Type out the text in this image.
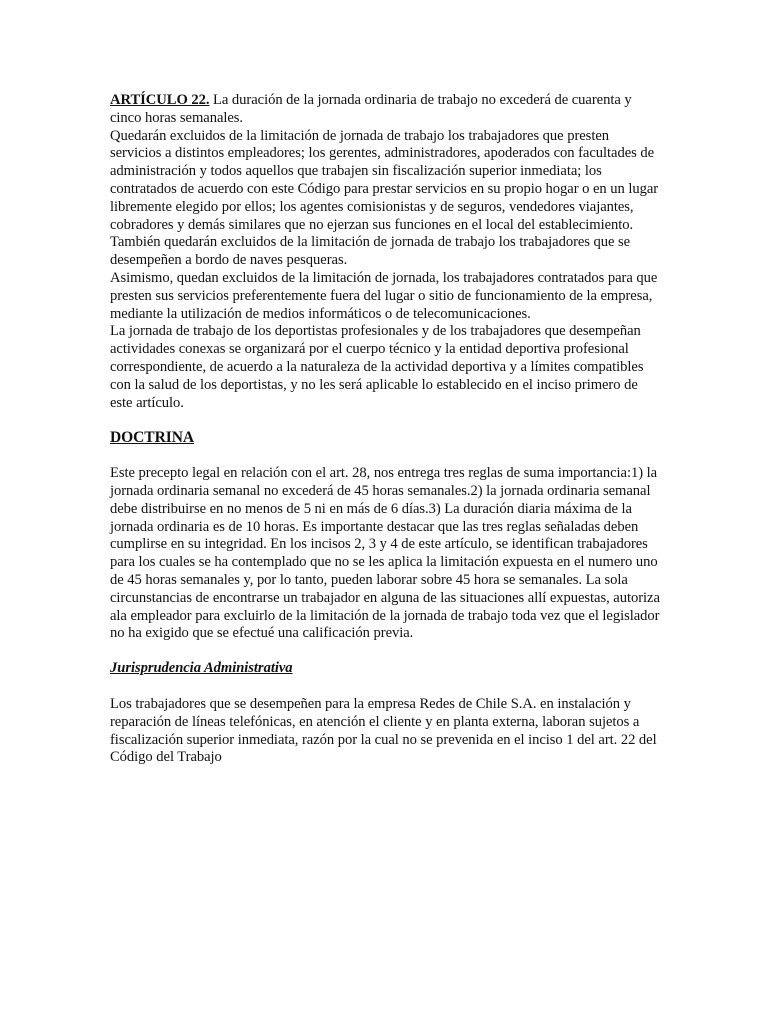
ARTÍCULO 22. La duración de la jornada ordinaria de trabajo no excederá de cuarenta y cinco horas semanales.

Quedarán excluidos de la limitación de jornada de trabajo los trabajadores que presten servicios a distintos empleadores; los gerentes, administradores, apoderados con facultades de administración y todos aquellos que trabajen sin fiscalización superior inmediata; los contratados de acuerdo con este Código para prestar servicios en su propio hogar o en un lugar libremente elegido por ellos; los agentes comisionistas y de seguros, vendedores viajantes, cobradores y demás similares que no ejerzan sus funciones en el local del establecimiento.

También quedarán excluidos de la limitación de jornada de trabajo los trabajadores que se desempeñen a bordo de naves pesqueras.

Asimismo, quedan excluidos de la limitación de jornada, los trabajadores contratados para que presten sus servicios preferentemente fuera del lugar o sitio de funcionamiento de la empresa, mediante la utilización de medios informáticos o de telecomunicaciones.

La jornada de trabajo de los deportistas profesionales y de los trabajadores que desempeñan actividades conexas se organizará por el cuerpo técnico y la entidad deportiva profesional correspondiente, de acuerdo a la naturaleza de la actividad deportiva y a límites compatibles con la salud de los deportistas, y no les será aplicable lo establecido en el inciso primero de este artículo.

DOCTRINA

Este precepto legal en relación con el art. 28, nos entrega tres reglas de suma importancia:1) la jornada ordinaria semanal no excederá de 45 horas semanales.2) la jornada ordinaria semanal debe distribuirse en no menos de 5 ni en más de 6 días.3) La duración diaria máxima de la jornada ordinaria es de 10 horas. Es importante destacar que las tres reglas señaladas deben cumplirse en su integridad. En los incisos 2, 3 y 4 de este artículo, se identifican trabajadores para los cuales se ha contemplado que no se les aplica la limitación expuesta en el numero uno de 45 horas semanales y, por lo tanto, pueden laborar sobre 45 hora se semanales. La sola circunstancias de encontrarse un trabajador en alguna de las situaciones allí expuestas, autoriza ala empleador para excluirlo de la limitación de la jornada de trabajo toda vez que el legislador no ha exigido que se efectué una calificación previa.

Jurisprudencia Administrativa

Los trabajadores que se desempeñen para la empresa Redes de Chile S.A. en instalación y reparación de líneas telefónicas, en atención el cliente y en planta externa, laboran sujetos a fiscalización superior inmediata, razón por la cual no se prevenida en el inciso 1 del art. 22 del Código del Trabajo
